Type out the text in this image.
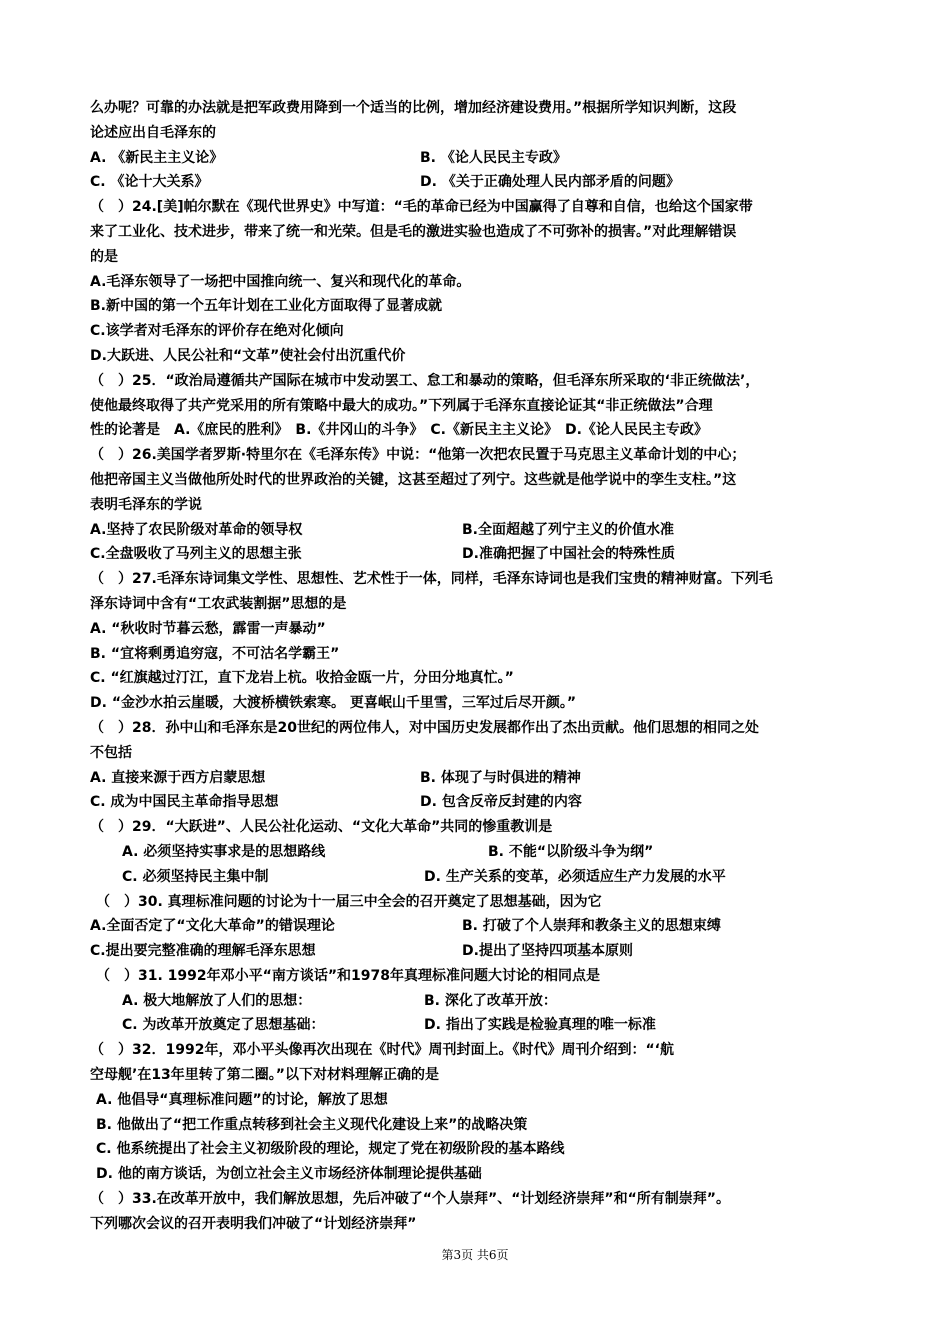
么办呢？可靠的办法就是把军政费用降到一个适当的比例，增加经济建设费用。”根据所学知识判断，这段
论述应出自毛泽东的
A. 《新民主主义论》	B. 《论人民民主专政》
C. 《论十大关系》	D. 《关于正确处理人民内部矛盾的问题》
（　）24.[美]帕尔默在《现代世界史》中写道：“毛的革命已经为中国赢得了自尊和自信，也给这个国家带
来了工业化、技术进步，带来了统一和光荣。但是毛的激进实验也造成了不可弥补的损害。”对此理解错误
的是
A.毛泽东领导了一场把中国推向统一、复兴和现代化的革命。
B.新中国的第一个五年计划在工业化方面取得了显著成就
C.该学者对毛泽东的评价存在绝对化倾向
D.大跃进、人民公社和“文革”使社会付出沉重代价
（　）25．“政治局遵循共产国际在城市中发动罢工、怠工和暴动的策略，但毛泽东所采取的‘非正统做法’，
使他最终取得了共产党采用的所有策略中最大的成功。”下列属于毛泽东直接论证其“非正统做法”合理
性的论著是　A.《庶民的胜利》　B.《井冈山的斗争》　C.《新民主主义论》　D.《论人民民主专政》
（　）26.美国学者罗斯·特里尔在《毛泽东传》中说：“他第一次把农民置于马克思主义革命计划的中心；
他把帝国主义当做他所处时代的世界政治的关键，这甚至超过了列宁。这些就是他学说中的孪生支柱。”这
表明毛泽东的学说
A.坚持了农民阶级对革命的领导权	B.全面超越了列宁主义的价值水准
C.全盘吸收了马列主义的思想主张	D.准确把握了中国社会的特殊性质
（　）27.毛泽东诗词集文学性、思想性、艺术性于一体，同样，毛泽东诗词也是我们宝贵的精神财富。下列毛
泽东诗词中含有“工农武装割据”思想的是
A. “秋收时节暮云愁，霹雷一声暴动”
B. “宜将剩勇追穷寇，不可沽名学霸王”
C. “红旗越过汀江，直下龙岩上杭。收拾金瓯一片，分田分地真忙。”
D. “金沙水拍云崖暖，大渡桥横铁索寒。 更喜岷山千里雪，三军过后尽开颜。”
（　）28．孙中山和毛泽东是20世纪的两位伟人，对中国历史发展都作出了杰出贡献。他们思想的相同之处
不包括
A. 直接来源于西方启蒙思想	B. 体现了与时俱进的精神
C. 成为中国民主革命指导思想	D. 包含反帝反封建的内容
（　）29．“大跃进”、人民公社化运动、“文化大革命”共同的惨重教训是
A. 必须坚持实事求是的思想路线	B. 不能“以阶级斗争为纲”
C. 必须坚持民主集中制	D. 生产关系的变革，必须适应生产力发展的水平
（　）30. 真理标准问题的讨论为十一届三中全会的召开奠定了思想基础，因为它
A.全面否定了“文化大革命”的错误理论	B. 打破了个人崇拜和教条主义的思想束缚
C.提出要完整准确的理解毛泽东思想	D.提出了坚持四项基本原则
（　）31. 1992年邓小平“南方谈话”和1978年真理标准问题大讨论的相同点是
A. 极大地解放了人们的思想：	B. 深化了改革开放：
C. 为改革开放奠定了思想基础：	D. 指出了实践是检验真理的唯一标准
（　）32．1992年，邓小平头像再次出现在《时代》周刊封面上。《时代》周刊介绍到：“‘航
空母舰’在13年里转了第二圈。”以下对材料理解正确的是
A. 他倡导“真理标准问题”的讨论，解放了思想
B. 他做出了“把工作重点转移到社会主义现代化建设上来”的战略决策
C. 他系统提出了社会主义初级阶段的理论，规定了党在初级阶段的基本路线
D. 他的南方谈话，为创立社会主义市场经济体制理论提供基础
（　）33.在改革开放中，我们解放思想，先后冲破了“个人崇拜”、“计划经济崇拜”和“所有制崇拜”。
下列哪次会议的召开表明我们冲破了“计划经济崇拜”
第3页 共6页
